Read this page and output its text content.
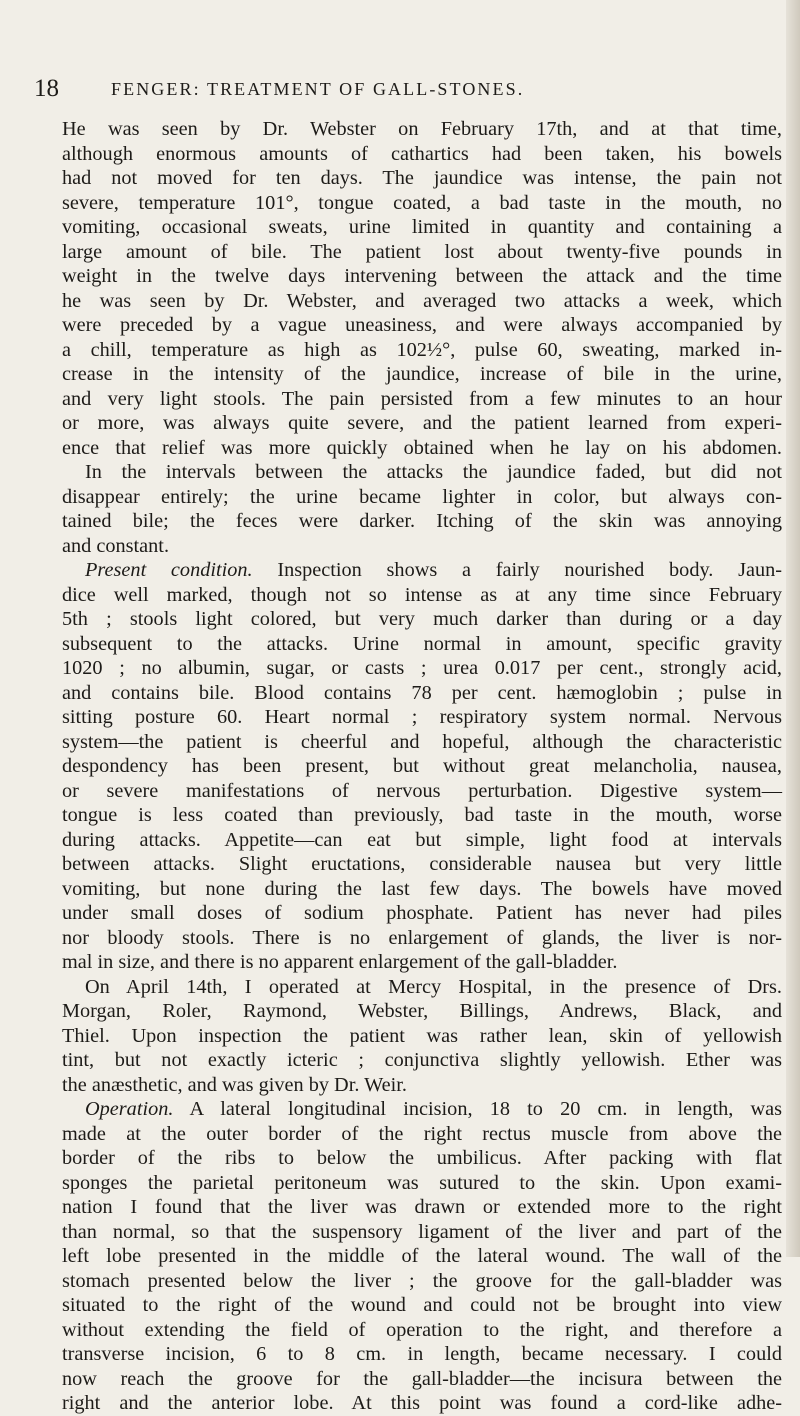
18	FENGER: TREATMENT OF GALL-STONES.
He was seen by Dr. Webster on February 17th, and at that time,
although enormous amounts of cathartics had been taken, his bowels
had not moved for ten days. The jaundice was intense, the pain not
severe, temperature 101°, tongue coated, a bad taste in the mouth, no
vomiting, occasional sweats, urine limited in quantity and containing a
large amount of bile. The patient lost about twenty-five pounds in
weight in the twelve days intervening between the attack and the time
he was seen by Dr. Webster, and averaged two attacks a week, which
were preceded by a vague uneasiness, and were always accompanied by
a chill, temperature as high as 102½°, pulse 60, sweating, marked in-
crease in the intensity of the jaundice, increase of bile in the urine,
and very light stools. The pain persisted from a few minutes to an hour
or more, was always quite severe, and the patient learned from experi-
ence that relief was more quickly obtained when he lay on his abdomen.
In the intervals between the attacks the jaundice faded, but did not
disappear entirely; the urine became lighter in color, but always con-
tained bile; the feces were darker. Itching of the skin was annoying
and constant.
Present condition. Inspection shows a fairly nourished body. Jaun-
dice well marked, though not so intense as at any time since February
5th ; stools light colored, but very much darker than during or a day
subsequent to the attacks. Urine normal in amount, specific gravity
1020 ; no albumin, sugar, or casts ; urea 0.017 per cent., strongly acid,
and contains bile. Blood contains 78 per cent. hæmoglobin ; pulse in
sitting posture 60. Heart normal ; respiratory system normal. Nervous
system—the patient is cheerful and hopeful, although the characteristic
despondency has been present, but without great melancholia, nausea,
or severe manifestations of nervous perturbation. Digestive system—
tongue is less coated than previously, bad taste in the mouth, worse
during attacks. Appetite—can eat but simple, light food at intervals
between attacks. Slight eructations, considerable nausea but very little
vomiting, but none during the last few days. The bowels have moved
under small doses of sodium phosphate. Patient has never had piles
nor bloody stools. There is no enlargement of glands, the liver is nor-
mal in size, and there is no apparent enlargement of the gall-bladder.
On April 14th, I operated at Mercy Hospital, in the presence of Drs.
Morgan, Roler, Raymond, Webster, Billings, Andrews, Black, and
Thiel. Upon inspection the patient was rather lean, skin of yellowish
tint, but not exactly icteric ; conjunctiva slightly yellowish. Ether was
the anæsthetic, and was given by Dr. Weir.
Operation. A lateral longitudinal incision, 18 to 20 cm. in length, was
made at the outer border of the right rectus muscle from above the
border of the ribs to below the umbilicus. After packing with flat
sponges the parietal peritoneum was sutured to the skin. Upon exami-
nation I found that the liver was drawn or extended more to the right
than normal, so that the suspensory ligament of the liver and part of the
left lobe presented in the middle of the lateral wound. The wall of the
stomach presented below the liver ; the groove for the gall-bladder was
situated to the right of the wound and could not be brought into view
without extending the field of operation to the right, and therefore a
transverse incision, 6 to 8 cm. in length, became necessary. I could
now reach the groove for the gall-bladder—the incisura between the
right and the anterior lobe. At this point was found a cord-like adhe-
